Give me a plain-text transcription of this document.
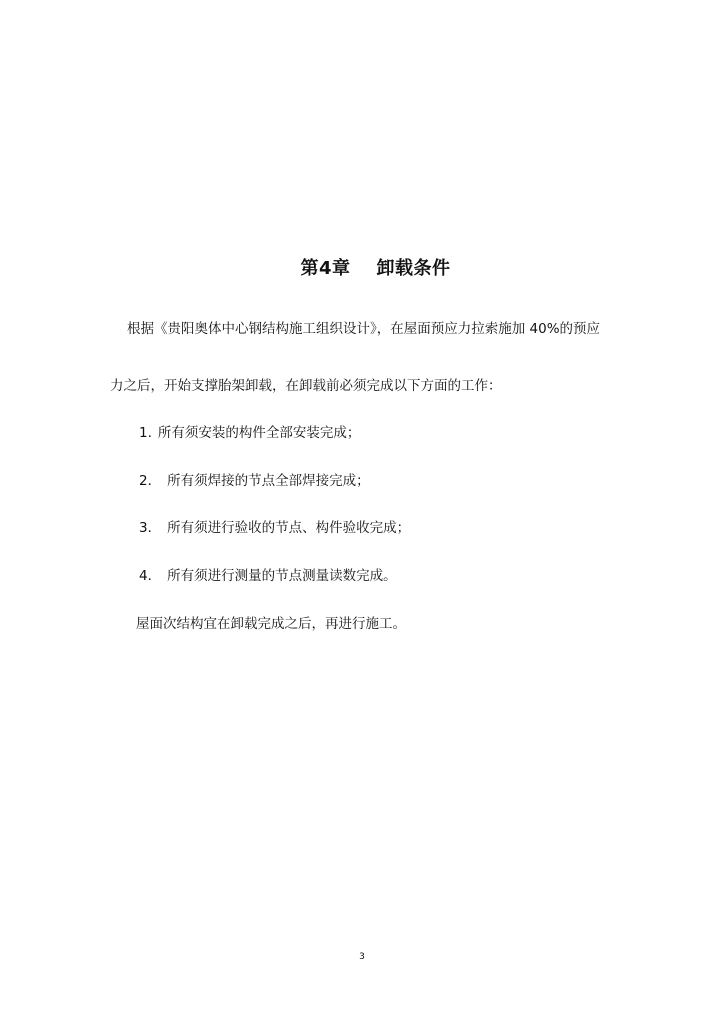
第4章 卸载条件

根据《贵阳奥体中心钢结构施工组织设计》，在屋面预应力拉索施加 40%的预应
力之后，开始支撑胎架卸载，在卸载前必须完成以下方面的工作：
1. 所有须安装的构件全部安装完成；
2． 所有须焊接的节点全部焊接完成；
3． 所有须进行验收的节点、构件验收完成；
4． 所有须进行测量的节点测量读数完成。
屋面次结构宜在卸载完成之后，再进行施工。
3
